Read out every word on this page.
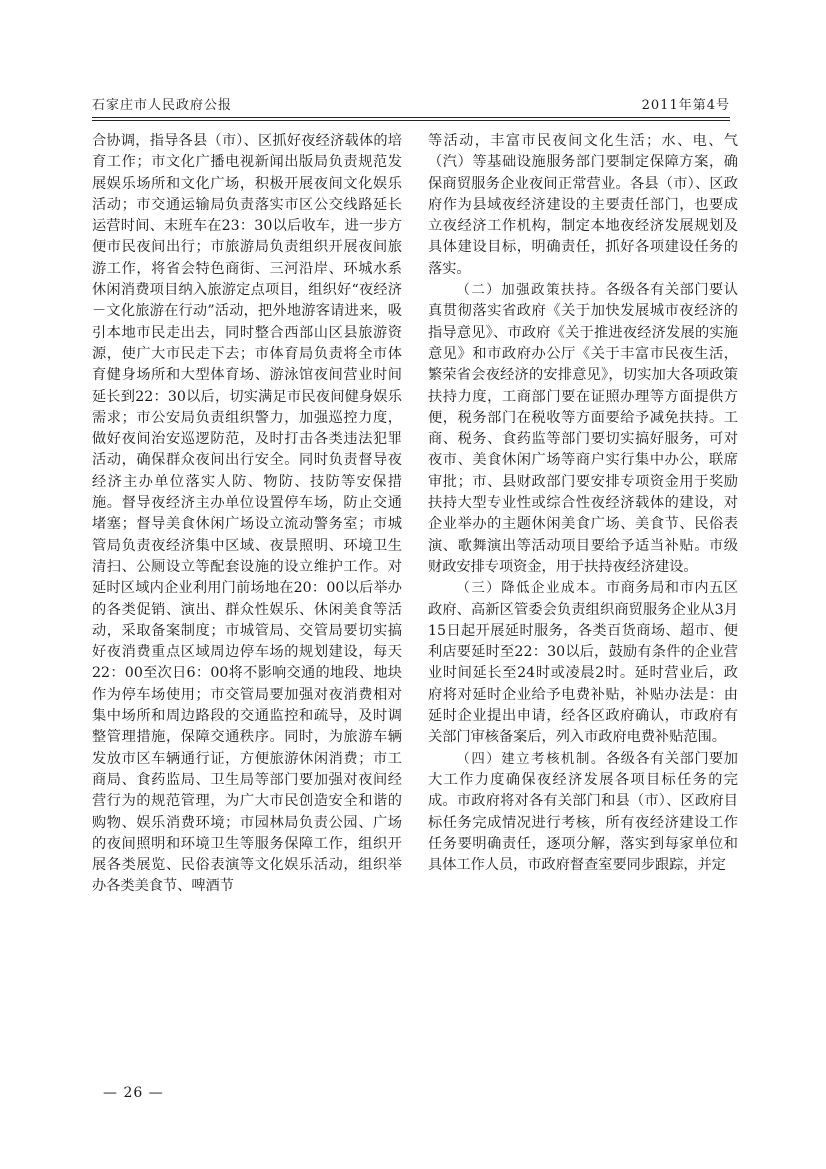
石家庄市人民政府公报	2011年第4号

合协调，指导各县（市）、区抓好夜经济载体的培育工作；市文化广播电视新闻出版局负责规范发展娱乐场所和文化广场，积极开展夜间文化娱乐活动；市交通运输局负责落实市区公交线路延长运营时间、末班车在23：30以后收车，进一步方便市民夜间出行；市旅游局负责组织开展夜间旅游工作，将省会特色商街、三河沿岸、环城水系休闲消费项目纳入旅游定点项目，组织好“夜经济－文化旅游在行动”活动，把外地游客请进来，吸引本地市民走出去，同时整合西部山区县旅游资源，使广大市民走下去；市体育局负责将全市体育健身场所和大型体育场、游泳馆夜间营业时间延长到22：30以后，切实满足市民夜间健身娱乐需求；市公安局负责组织警力，加强巡控力度，做好夜间治安巡逻防范，及时打击各类违法犯罪活动，确保群众夜间出行安全。同时负责督导夜经济主办单位落实人防、物防、技防等安保措施。督导夜经济主办单位设置停车场，防止交通堵塞；督导美食休闲广场设立流动警务室；市城管局负责夜经济集中区域、夜景照明、环境卫生清扫、公厕设立等配套设施的设立维护工作。对延时区域内企业利用门前场地在20：00以后举办的各类促销、演出、群众性娱乐、休闲美食等活动，采取备案制度；市城管局、交管局要切实搞好夜消费重点区域周边停车场的规划建设，每天22：00至次日6：00将不影响交通的地段、地块作为停车场使用；市交管局要加强对夜消费相对集中场所和周边路段的交通监控和疏导，及时调整管理措施，保障交通秩序。同时，为旅游车辆发放市区车辆通行证，方便旅游休闲消费；市工商局、食药监局、卫生局等部门要加强对夜间经营行为的规范管理，为广大市民创造安全和谐的购物、娱乐消费环境；市园林局负责公园、广场的夜间照明和环境卫生等服务保障工作，组织开展各类展览、民俗表演等文化娱乐活动，组织举办各类美食节、啤酒节

等活动，丰富市民夜间文化生活；水、电、气（汽）等基础设施服务部门要制定保障方案，确保商贸服务企业夜间正常营业。各县（市）、区政府作为县域夜经济建设的主要责任部门，也要成立夜经济工作机构，制定本地夜经济发展规划及具体建设目标，明确责任，抓好各项建设任务的落实。

（二）加强政策扶持。各级各有关部门要认真贯彻落实省政府《关于加快发展城市夜经济的指导意见》、市政府《关于推进夜经济发展的实施意见》和市政府办公厅《关于丰富市民夜生活，繁荣省会夜经济的安排意见》，切实加大各项政策扶持力度，工商部门要在证照办理等方面提供方便，税务部门在税收等方面要给予减免扶持。工商、税务、食药监等部门要切实搞好服务，可对夜市、美食休闲广场等商户实行集中办公，联席审批；市、县财政部门要安排专项资金用于奖励扶持大型专业性或综合性夜经济载体的建设，对企业举办的主题休闲美食广场、美食节、民俗表演、歌舞演出等活动项目要给予适当补贴。市级财政安排专项资金，用于扶持夜经济建设。

（三）降低企业成本。市商务局和市内五区政府、高新区管委会负责组织商贸服务企业从3月15日起开展延时服务，各类百货商场、超市、便利店要延时至22：30以后，鼓励有条件的企业营业时间延长至24时或凌晨2时。延时营业后，政府将对延时企业给予电费补贴，补贴办法是：由延时企业提出申请，经各区政府确认，市政府有关部门审核备案后，列入市政府电费补贴范围。

（四）建立考核机制。各级各有关部门要加大工作力度确保夜经济发展各项目标任务的完成。市政府将对各有关部门和县（市）、区政府目标任务完成情况进行考核，所有夜经济建设工作任务要明确责任，逐项分解，落实到每家单位和具体工作人员，市政府督查室要同步跟踪，并定

— 26 —
